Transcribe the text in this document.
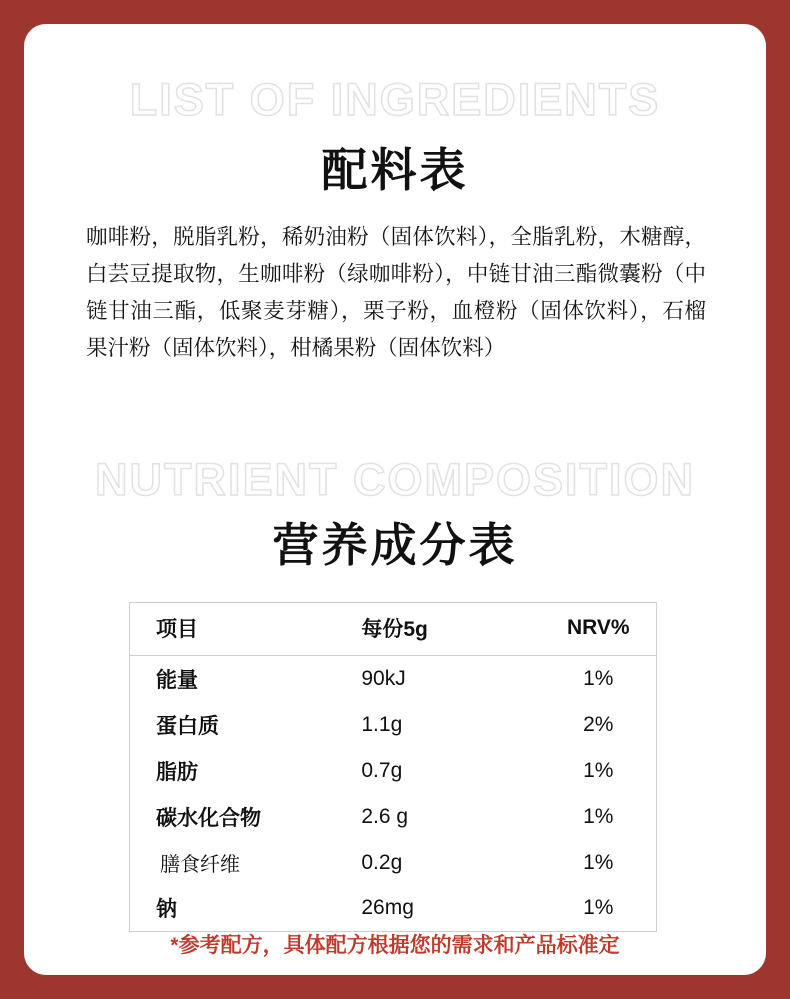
LIST OF INGREDIENTS
配料表
咖啡粉，脱脂乳粉，稀奶油粉（固体饮料），全脂乳粉，木糖醇，白芸豆提取物，生咖啡粉（绿咖啡粉），中链甘油三酯微囊粉（中链甘油三酯，低聚麦芽糖），栗子粉，血橙粉（固体饮料），石榴果汁粉（固体饮料），柑橘果粉（固体饮料）
NUTRIENT COMPOSITION
营养成分表
项目	每份5g	NRV%
能量	90kJ	1%
蛋白质	1.1g	2%
脂肪	0.7g	1%
碳水化合物	2.6 g	1%
膳食纤维	0.2g	1%
钠	26mg	1%
*参考配方，具体配方根据您的需求和产品标准定
